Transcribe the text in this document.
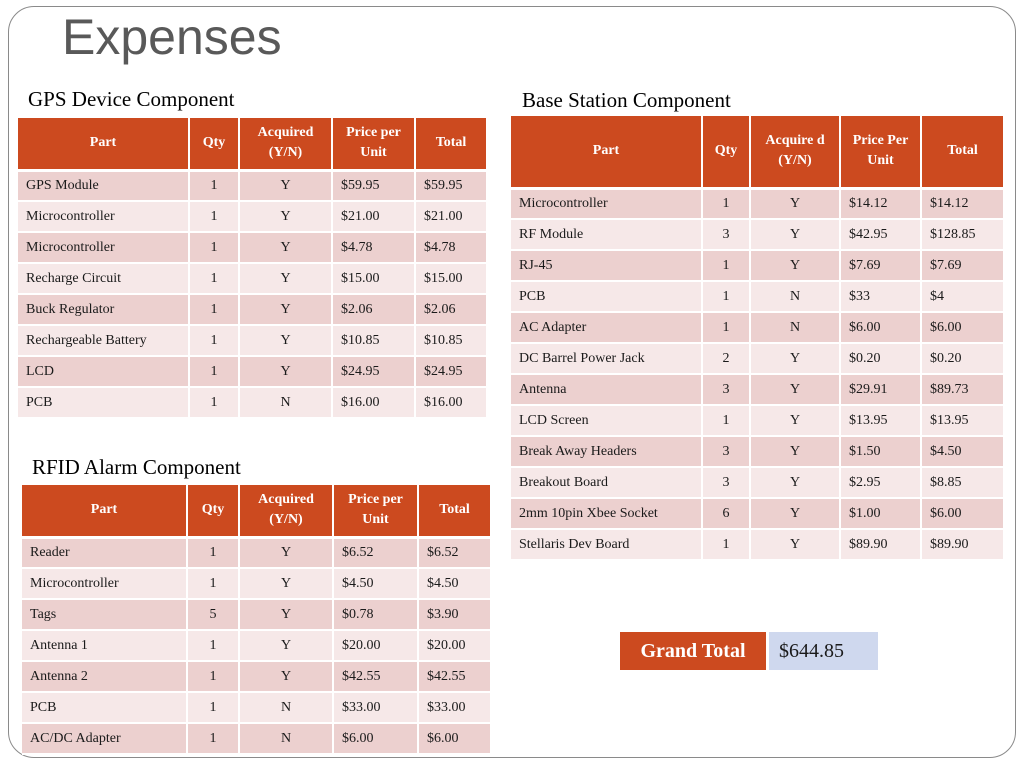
Expenses
GPS Device Component
Part	Qty	Acquired (Y/N)	Price per Unit	Total
GPS Module	1	Y	$59.95	$59.95
Microcontroller	1	Y	$21.00	$21.00
Microcontroller	1	Y	$4.78	$4.78
Recharge Circuit	1	Y	$15.00	$15.00
Buck Regulator	1	Y	$2.06	$2.06
Rechargeable Battery	1	Y	$10.85	$10.85
LCD	1	Y	$24.95	$24.95
PCB	1	N	$16.00	$16.00
RFID Alarm Component
Part	Qty	Acquired (Y/N)	Price per Unit	Total
Reader	1	Y	$6.52	$6.52
Microcontroller	1	Y	$4.50	$4.50
Tags	5	Y	$0.78	$3.90
Antenna 1	1	Y	$20.00	$20.00
Antenna 2	1	Y	$42.55	$42.55
PCB	1	N	$33.00	$33.00
AC/DC Adapter	1	N	$6.00	$6.00
Base Station Component
Part	Qty	Acquire d (Y/N)	Price Per Unit	Total
Microcontroller	1	Y	$14.12	$14.12
RF Module	3	Y	$42.95	$128.85
RJ-45	1	Y	$7.69	$7.69
PCB	1	N	$33	$4
AC Adapter	1	N	$6.00	$6.00
DC Barrel Power Jack	2	Y	$0.20	$0.20
Antenna	3	Y	$29.91	$89.73
LCD Screen	1	Y	$13.95	$13.95
Break Away Headers	3	Y	$1.50	$4.50
Breakout Board	3	Y	$2.95	$8.85
2mm 10pin Xbee Socket	6	Y	$1.00	$6.00
Stellaris Dev Board	1	Y	$89.90	$89.90
Grand Total	$644.85
